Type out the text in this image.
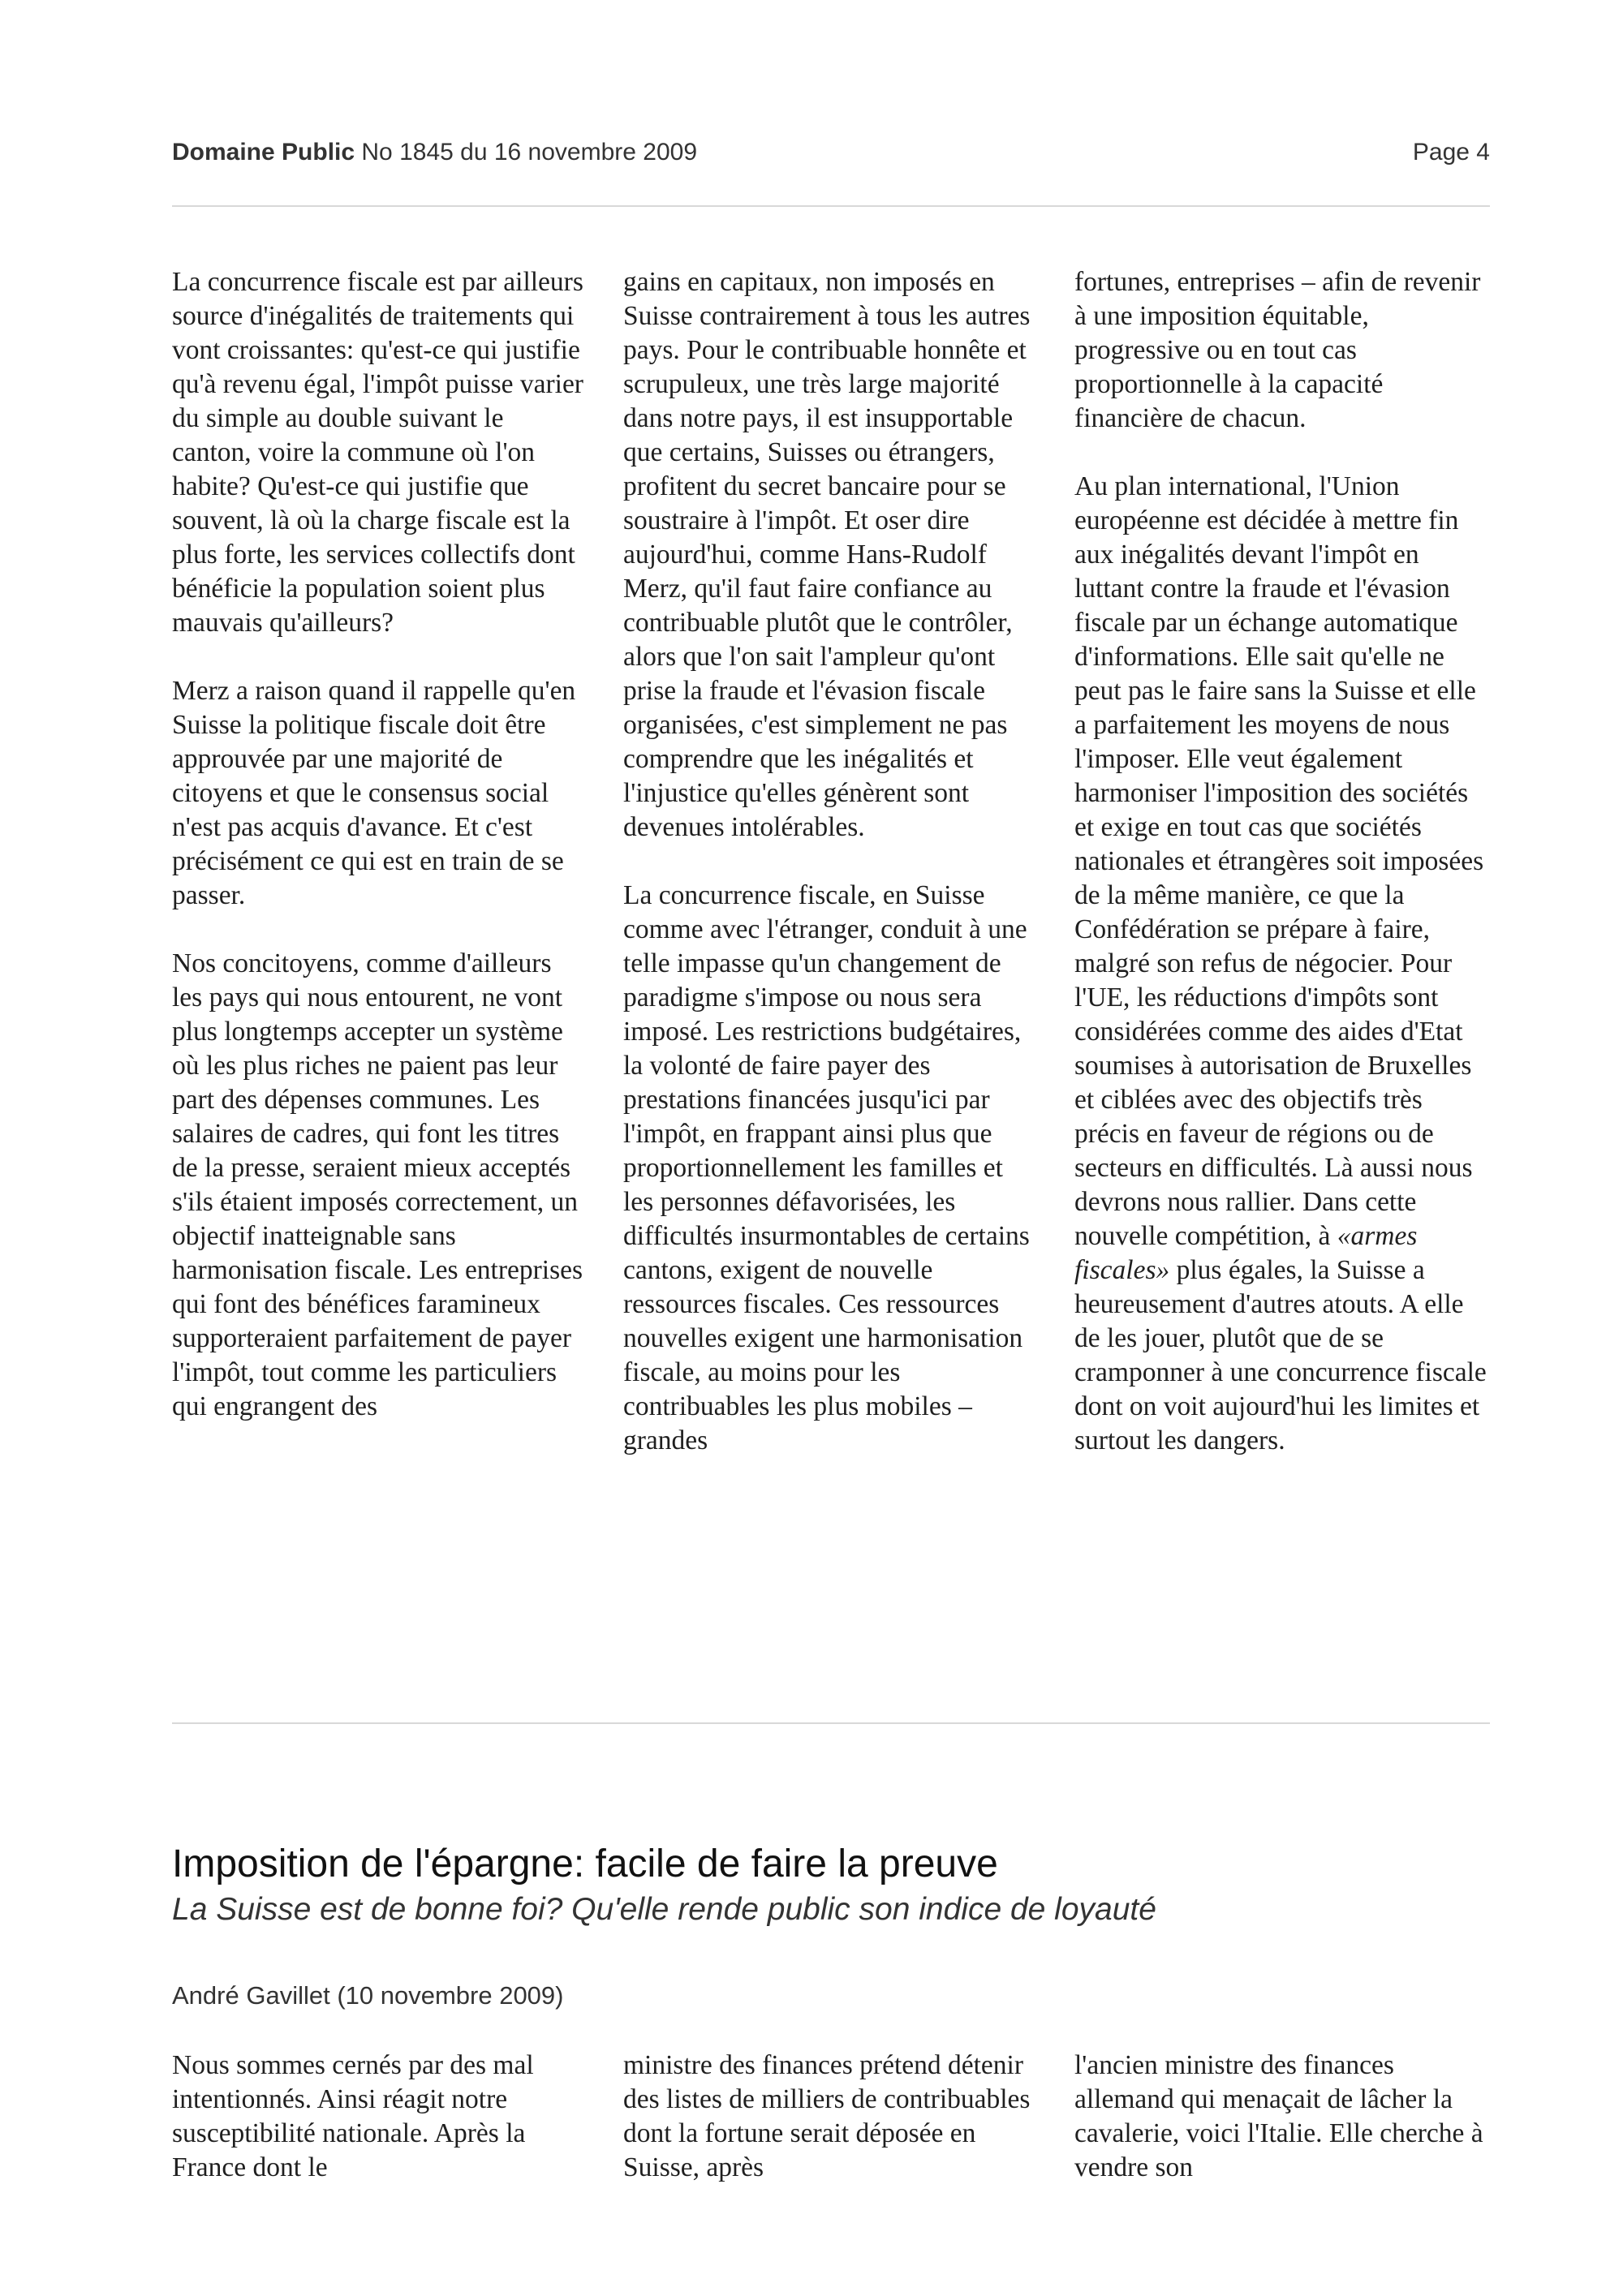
Domaine Public No 1845 du 16 novembre 2009	Page 4

La concurrence fiscale est par ailleurs source d'inégalités de traitements qui vont croissantes: qu'est-ce qui justifie qu'à revenu égal, l'impôt puisse varier du simple au double suivant le canton, voire la commune où l'on habite? Qu'est-ce qui justifie que souvent, là où la charge fiscale est la plus forte, les services collectifs dont bénéficie la population soient plus mauvais qu'ailleurs?

Merz a raison quand il rappelle qu'en Suisse la politique fiscale doit être approuvée par une majorité de citoyens et que le consensus social n'est pas acquis d'avance. Et c'est précisément ce qui est en train de se passer.

Nos concitoyens, comme d'ailleurs les pays qui nous entourent, ne vont plus longtemps accepter un système où les plus riches ne paient pas leur part des dépenses communes. Les salaires de cadres, qui font les titres de la presse, seraient mieux acceptés s'ils étaient imposés correctement, un objectif inatteignable sans harmonisation fiscale. Les entreprises qui font des bénéfices faramineux supporteraient parfaitement de payer l'impôt, tout comme les particuliers qui engrangent des

gains en capitaux, non imposés en Suisse contrairement à tous les autres pays. Pour le contribuable honnête et scrupuleux, une très large majorité dans notre pays, il est insupportable que certains, Suisses ou étrangers, profitent du secret bancaire pour se soustraire à l'impôt. Et oser dire aujourd'hui, comme Hans-Rudolf Merz, qu'il faut faire confiance au contribuable plutôt que le contrôler, alors que l'on sait l'ampleur qu'ont prise la fraude et l'évasion fiscale organisées, c'est simplement ne pas comprendre que les inégalités et l'injustice qu'elles génèrent sont devenues intolérables.

La concurrence fiscale, en Suisse comme avec l'étranger, conduit à une telle impasse qu'un changement de paradigme s'impose ou nous sera imposé. Les restrictions budgétaires, la volonté de faire payer des prestations financées jusqu'ici par l'impôt, en frappant ainsi plus que proportionnellement les familles et les personnes défavorisées, les difficultés insurmontables de certains cantons, exigent de nouvelle ressources fiscales. Ces ressources nouvelles exigent une harmonisation fiscale, au moins pour les contribuables les plus mobiles – grandes

fortunes, entreprises – afin de revenir à une imposition équitable, progressive ou en tout cas proportionnelle à la capacité financière de chacun.

Au plan international, l'Union européenne est décidée à mettre fin aux inégalités devant l'impôt en luttant contre la fraude et l'évasion fiscale par un échange automatique d'informations. Elle sait qu'elle ne peut pas le faire sans la Suisse et elle a parfaitement les moyens de nous l'imposer. Elle veut également harmoniser l'imposition des sociétés et exige en tout cas que sociétés nationales et étrangères soit imposées de la même manière, ce que la Confédération se prépare à faire, malgré son refus de négocier. Pour l'UE, les réductions d'impôts sont considérées comme des aides d'Etat soumises à autorisation de Bruxelles et ciblées avec des objectifs très précis en faveur de régions ou de secteurs en difficultés. Là aussi nous devrons nous rallier. Dans cette nouvelle compétition, à «armes fiscales» plus égales, la Suisse a heureusement d'autres atouts. A elle de les jouer, plutôt que de se cramponner à une concurrence fiscale dont on voit aujourd'hui les limites et surtout les dangers.

Imposition de l'épargne: facile de faire la preuve

La Suisse est de bonne foi? Qu'elle rende public son indice de loyauté

André Gavillet (10 novembre 2009)

Nous sommes cernés par des mal intentionnés. Ainsi réagit notre susceptibilité nationale. Après la France dont le

ministre des finances prétend détenir des listes de milliers de contribuables dont la fortune serait déposée en Suisse, après

l'ancien ministre des finances allemand qui menaçait de lâcher la cavalerie, voici l'Italie. Elle cherche à vendre son
